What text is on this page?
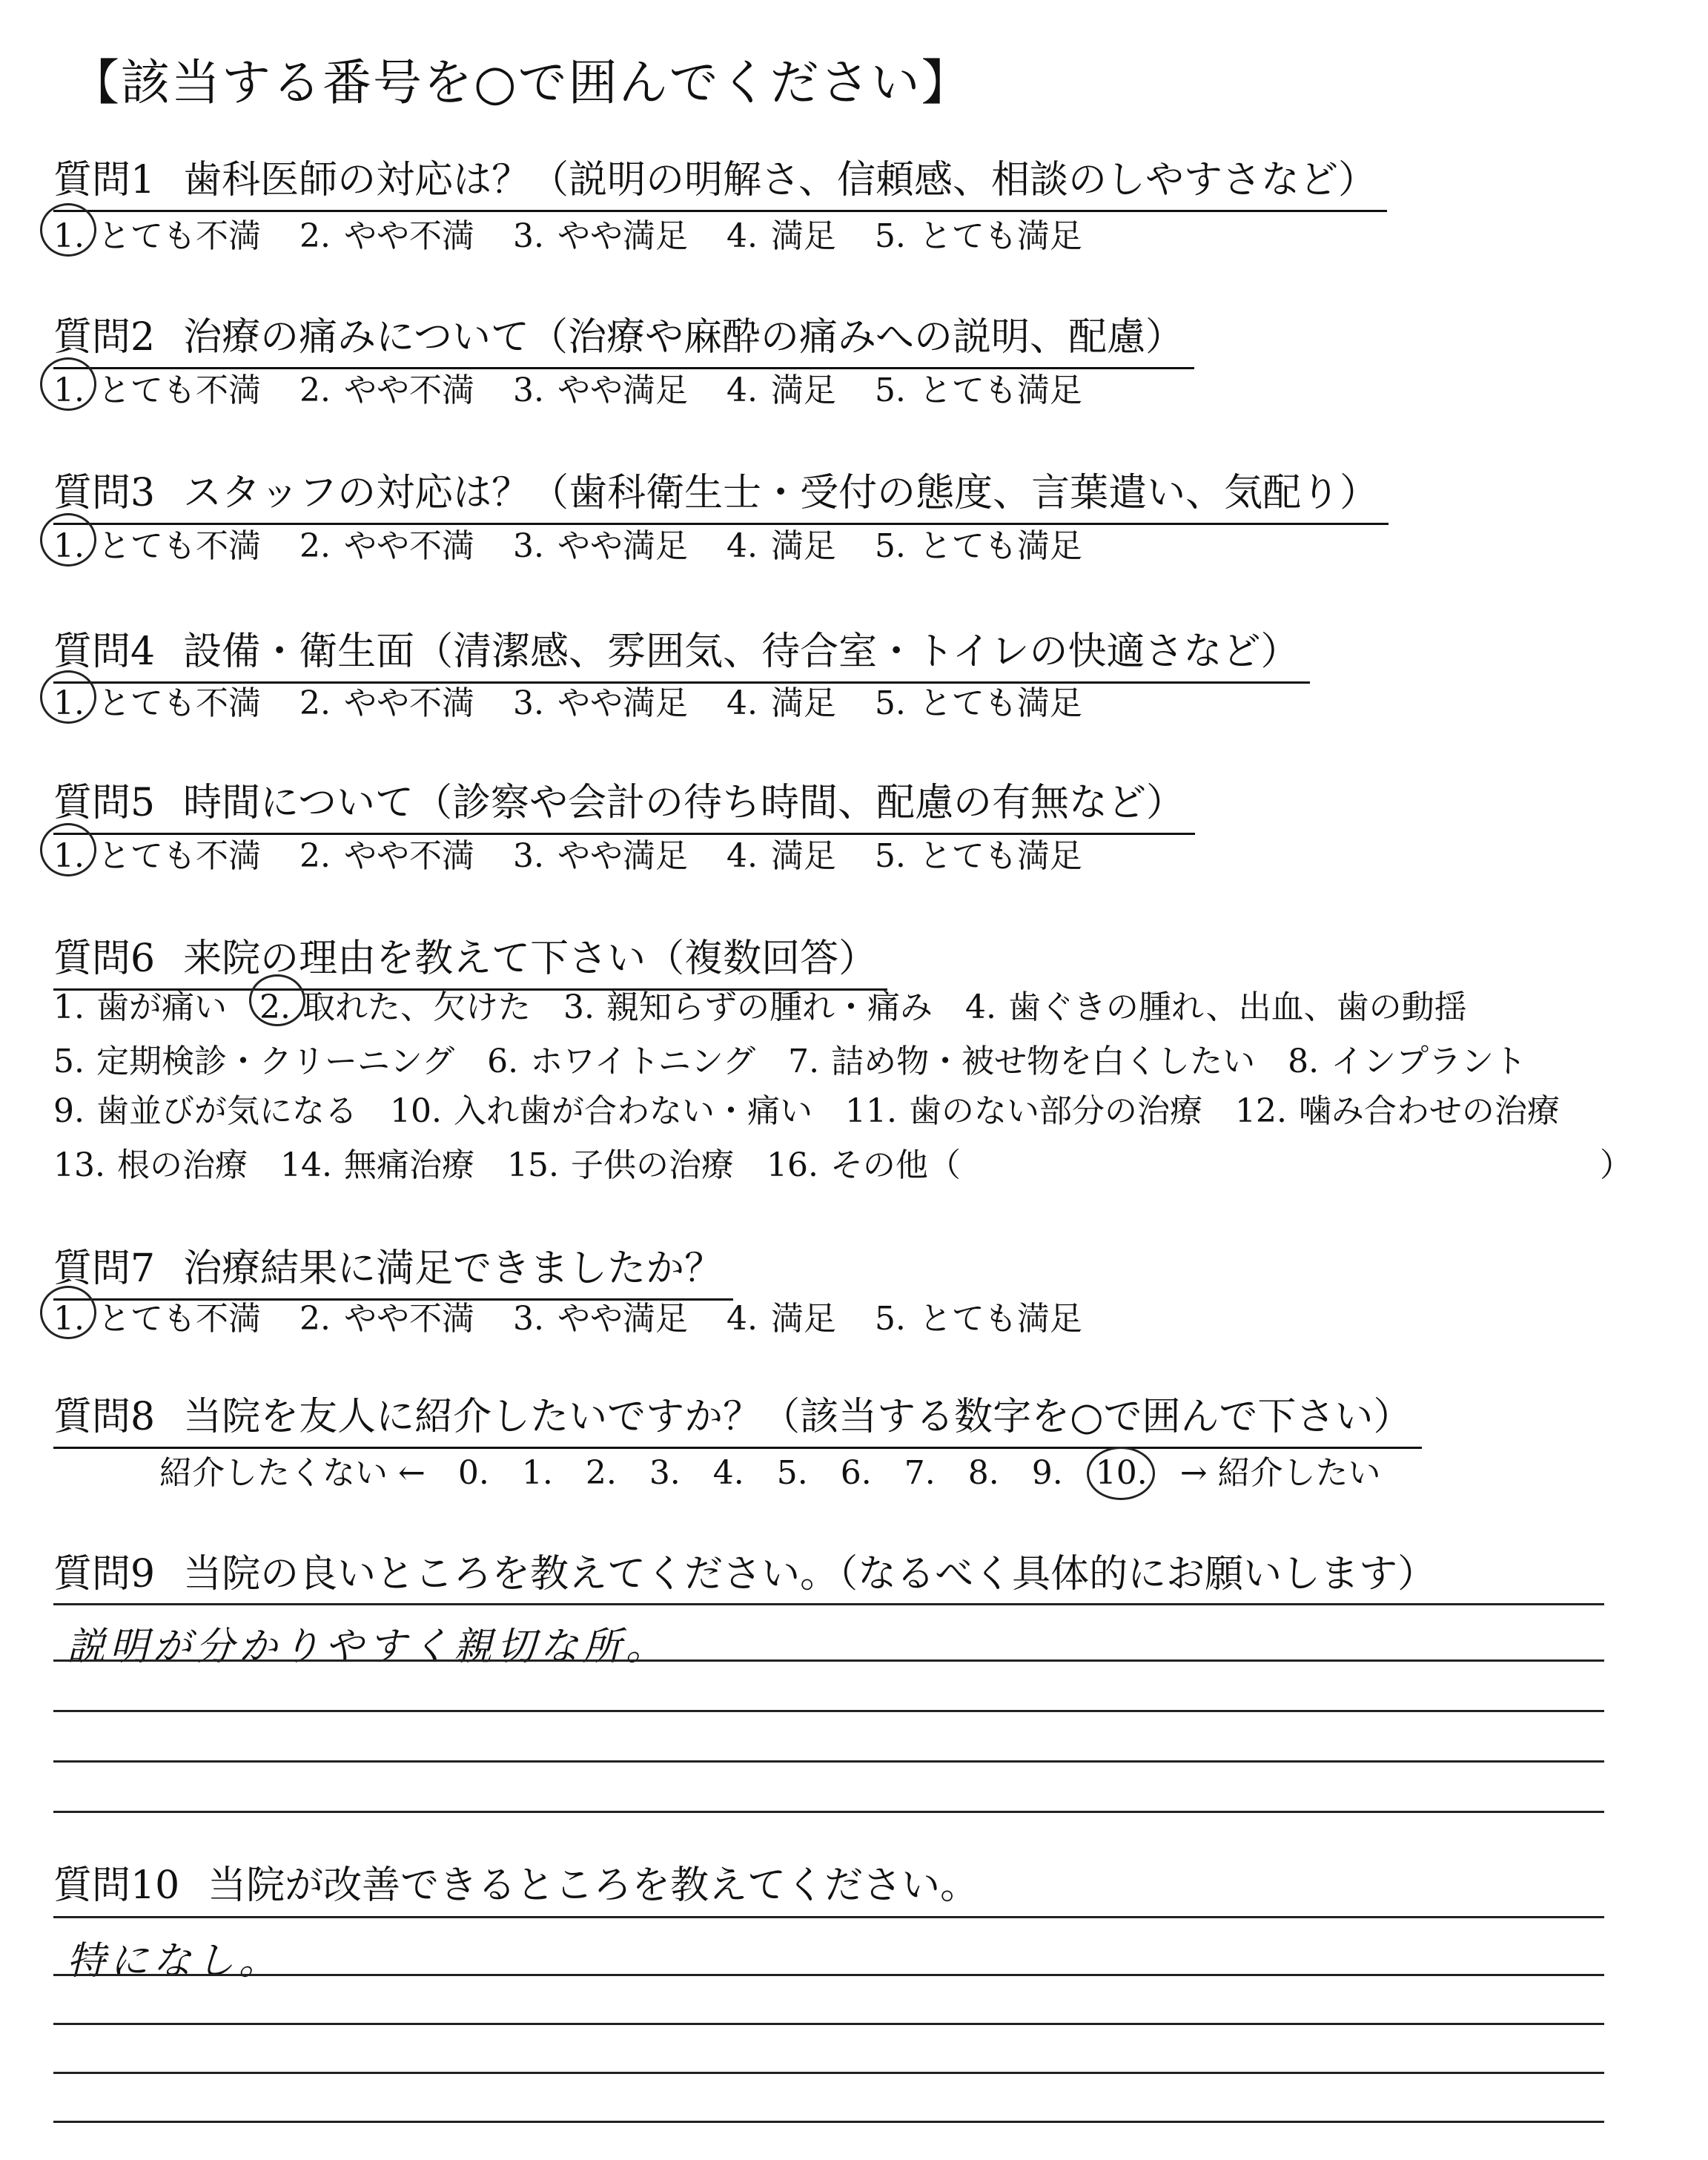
【該当する番号を○で囲んでください】
質問1 歯科医師の対応は？（説明の明解さ、信頼感、相談のしやすさなど）
1. とても不満 2. やや不満 3. やや満足 4. 満足 5. とても満足
質問2 治療の痛みについて（治療や麻酔の痛みへの説明、配慮）
1. とても不満 2. やや不満 3. やや満足 4. 満足 5. とても満足
質問3 スタッフの対応は？（歯科衛生士・受付の態度、言葉遣い、気配り）
1. とても不満 2. やや不満 3. やや満足 4. 満足 5. とても満足
質問4 設備・衛生面（清潔感、雰囲気、待合室・トイレの快適さなど）
1. とても不満 2. やや不満 3. やや満足 4. 満足 5. とても満足
質問5 時間について（診察や会計の待ち時間、配慮の有無など）
1. とても不満 2. やや不満 3. やや満足 4. 満足 5. とても満足
質問6 来院の理由を教えて下さい（複数回答）
1. 歯が痛い 2. 取れた、欠けた 3. 親知らずの腫れ・痛み 4. 歯ぐきの腫れ、出血、歯の動揺
5. 定期検診・クリーニング 6. ホワイトニング 7. 詰め物・被せ物を白くしたい 8. インプラント
9. 歯並びが気になる 10. 入れ歯が合わない・痛い 11. 歯のない部分の治療 12. 噛み合わせの治療
13. 根の治療 14. 無痛治療 15. 子供の治療 16. その他（	）
質問7 治療結果に満足できましたか？
1. とても不満 2. やや不満 3. やや満足 4. 満足 5. とても満足
質問8 当院を友人に紹介したいですか？（該当する数字を○で囲んで下さい）
紹介したくない ← 0. 1. 2. 3. 4. 5. 6. 7. 8. 9. 10. → 紹介したい
質問9 当院の良いところを教えてください。（なるべく具体的にお願いします）
説明が分かりやすく親切な所。
質問10 当院が改善できるところを教えてください。
特になし。
